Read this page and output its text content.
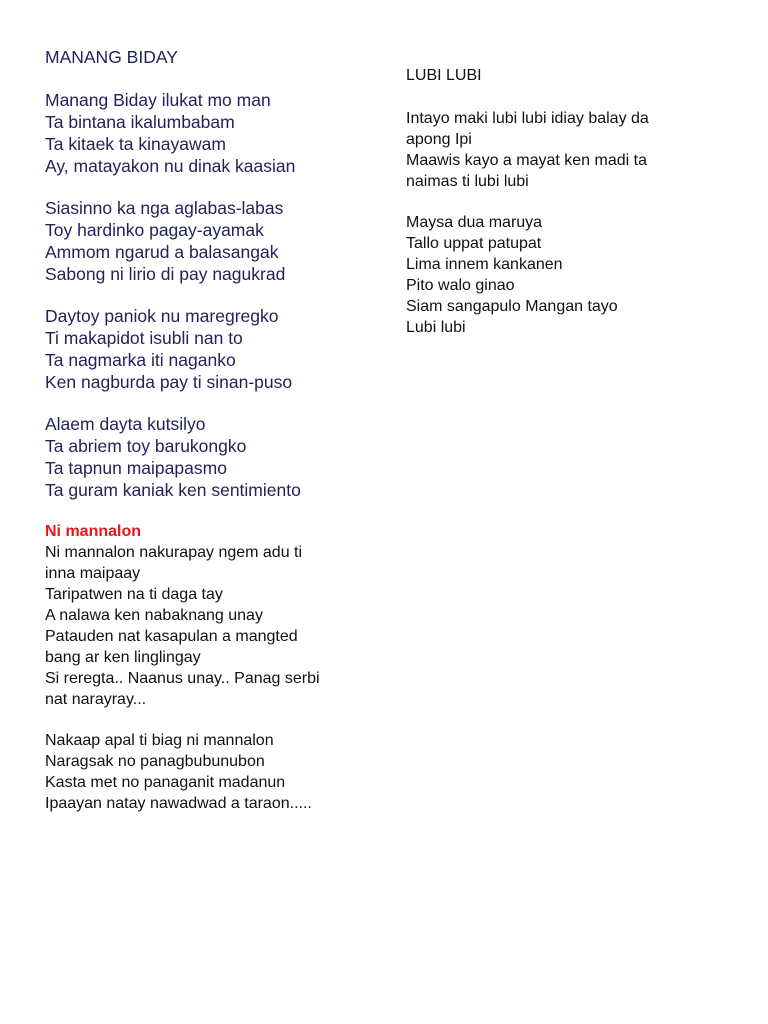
MANANG BIDAY
Manang Biday ilukat mo man
Ta bintana ikalumbabam
Ta kitaek ta kinayawam
Ay, matayakon nu dinak kaasian
Siasinno ka nga aglabas-labas
Toy hardinko pagay-ayamak
Ammom ngarud a balasangak
Sabong ni lirio di pay nagukrad
Daytoy paniok nu maregregko
Ti makapidot isubli nan to
Ta nagmarka iti naganko
Ken nagburda pay ti sinan-puso
Alaem dayta kutsilyo
Ta abriem toy barukongko
Ta tapnun maipapasmo
Ta guram kaniak ken sentimiento
Ni mannalon
Ni mannalon nakurapay ngem adu ti
inna maipaay
Taripatwen na ti daga tay
A nalawa ken nabaknang unay
Patauden nat kasapulan a mangted
bang ar ken linglingay
Si reregta.. Naanus unay.. Panag serbi
nat narayray...
Nakaap apal ti biag ni mannalon
Naragsak no panagbubunubon
Kasta met no panaganit madanun
Ipaayan natay nawadwad a taraon.....
LUBI LUBI
Intayo maki lubi lubi idiay balay da
apong Ipi
Maawis kayo a mayat ken madi ta
naimas ti lubi lubi
Maysa dua maruya
Tallo uppat patupat
Lima innem kankanen
Pito walo ginao
Siam sangapulo Mangan tayo
Lubi lubi
